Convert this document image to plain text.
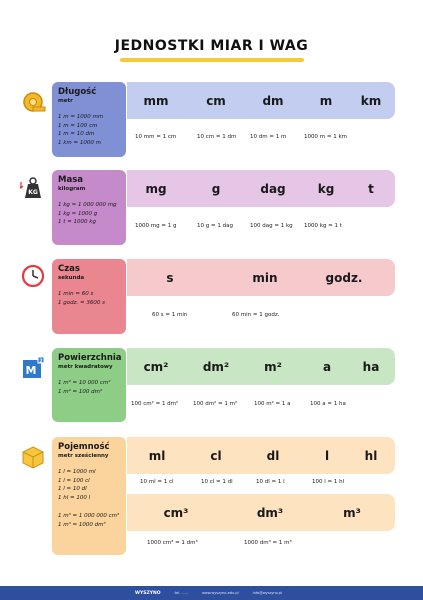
JEDNOSTKI MIAR I WAG
Długość
metr
1 m = 1000 mm
1 m = 100 cm
1 m = 10 dm
1 km = 1000 m
mm	cm	dm	m km
10 mm = 1 cm	10 cm = 1 dm 10 dm = 1 m	1000 m = 1 km
KG
Masa
kilogram
1 kg = 1 000 000 mg
1 kg = 1000 g
1 t = 1000 kg
mg	g	dag	kg	t
1000 mg = 1 g	10 g = 1 dag	100 dag = 1 kg 1000 kg = 1 t
Czas
sekunda
1 min = 60 s
1 godz. = 3600 s
s	min	godz.
60 s = 1 min	60 min = 1 godz.
M
2 Powierzchnia
metr kwadratowy
1 m² = 10 000 cm²
1 m² = 100 dm²
cm²	dm²	m²	a	ha
100 cm² = 1 dm²	100 dm² = 1 m²	100 m² = 1 a	100 a = 1 ha
Pojemność
metr sześcienny
1 l = 1000 ml
1 l = 100 cl
1 l = 10 dl
1 hl = 100 l
1 m³ = 1 000 000 cm³
1 m³ = 1000 dm³
ml	cl	dl	l	hl
10 ml = 1 cl	10 cl = 1 dl	10 dl = 1 l	100 l = 1 hl
cm³	dm³	m³
1000 cm³ = 1 dm³	1000 dm³ = 1 m³
WYSZYNO	tel. ......	www.wyszyno-edu.pl	info@wyszyno.pl
